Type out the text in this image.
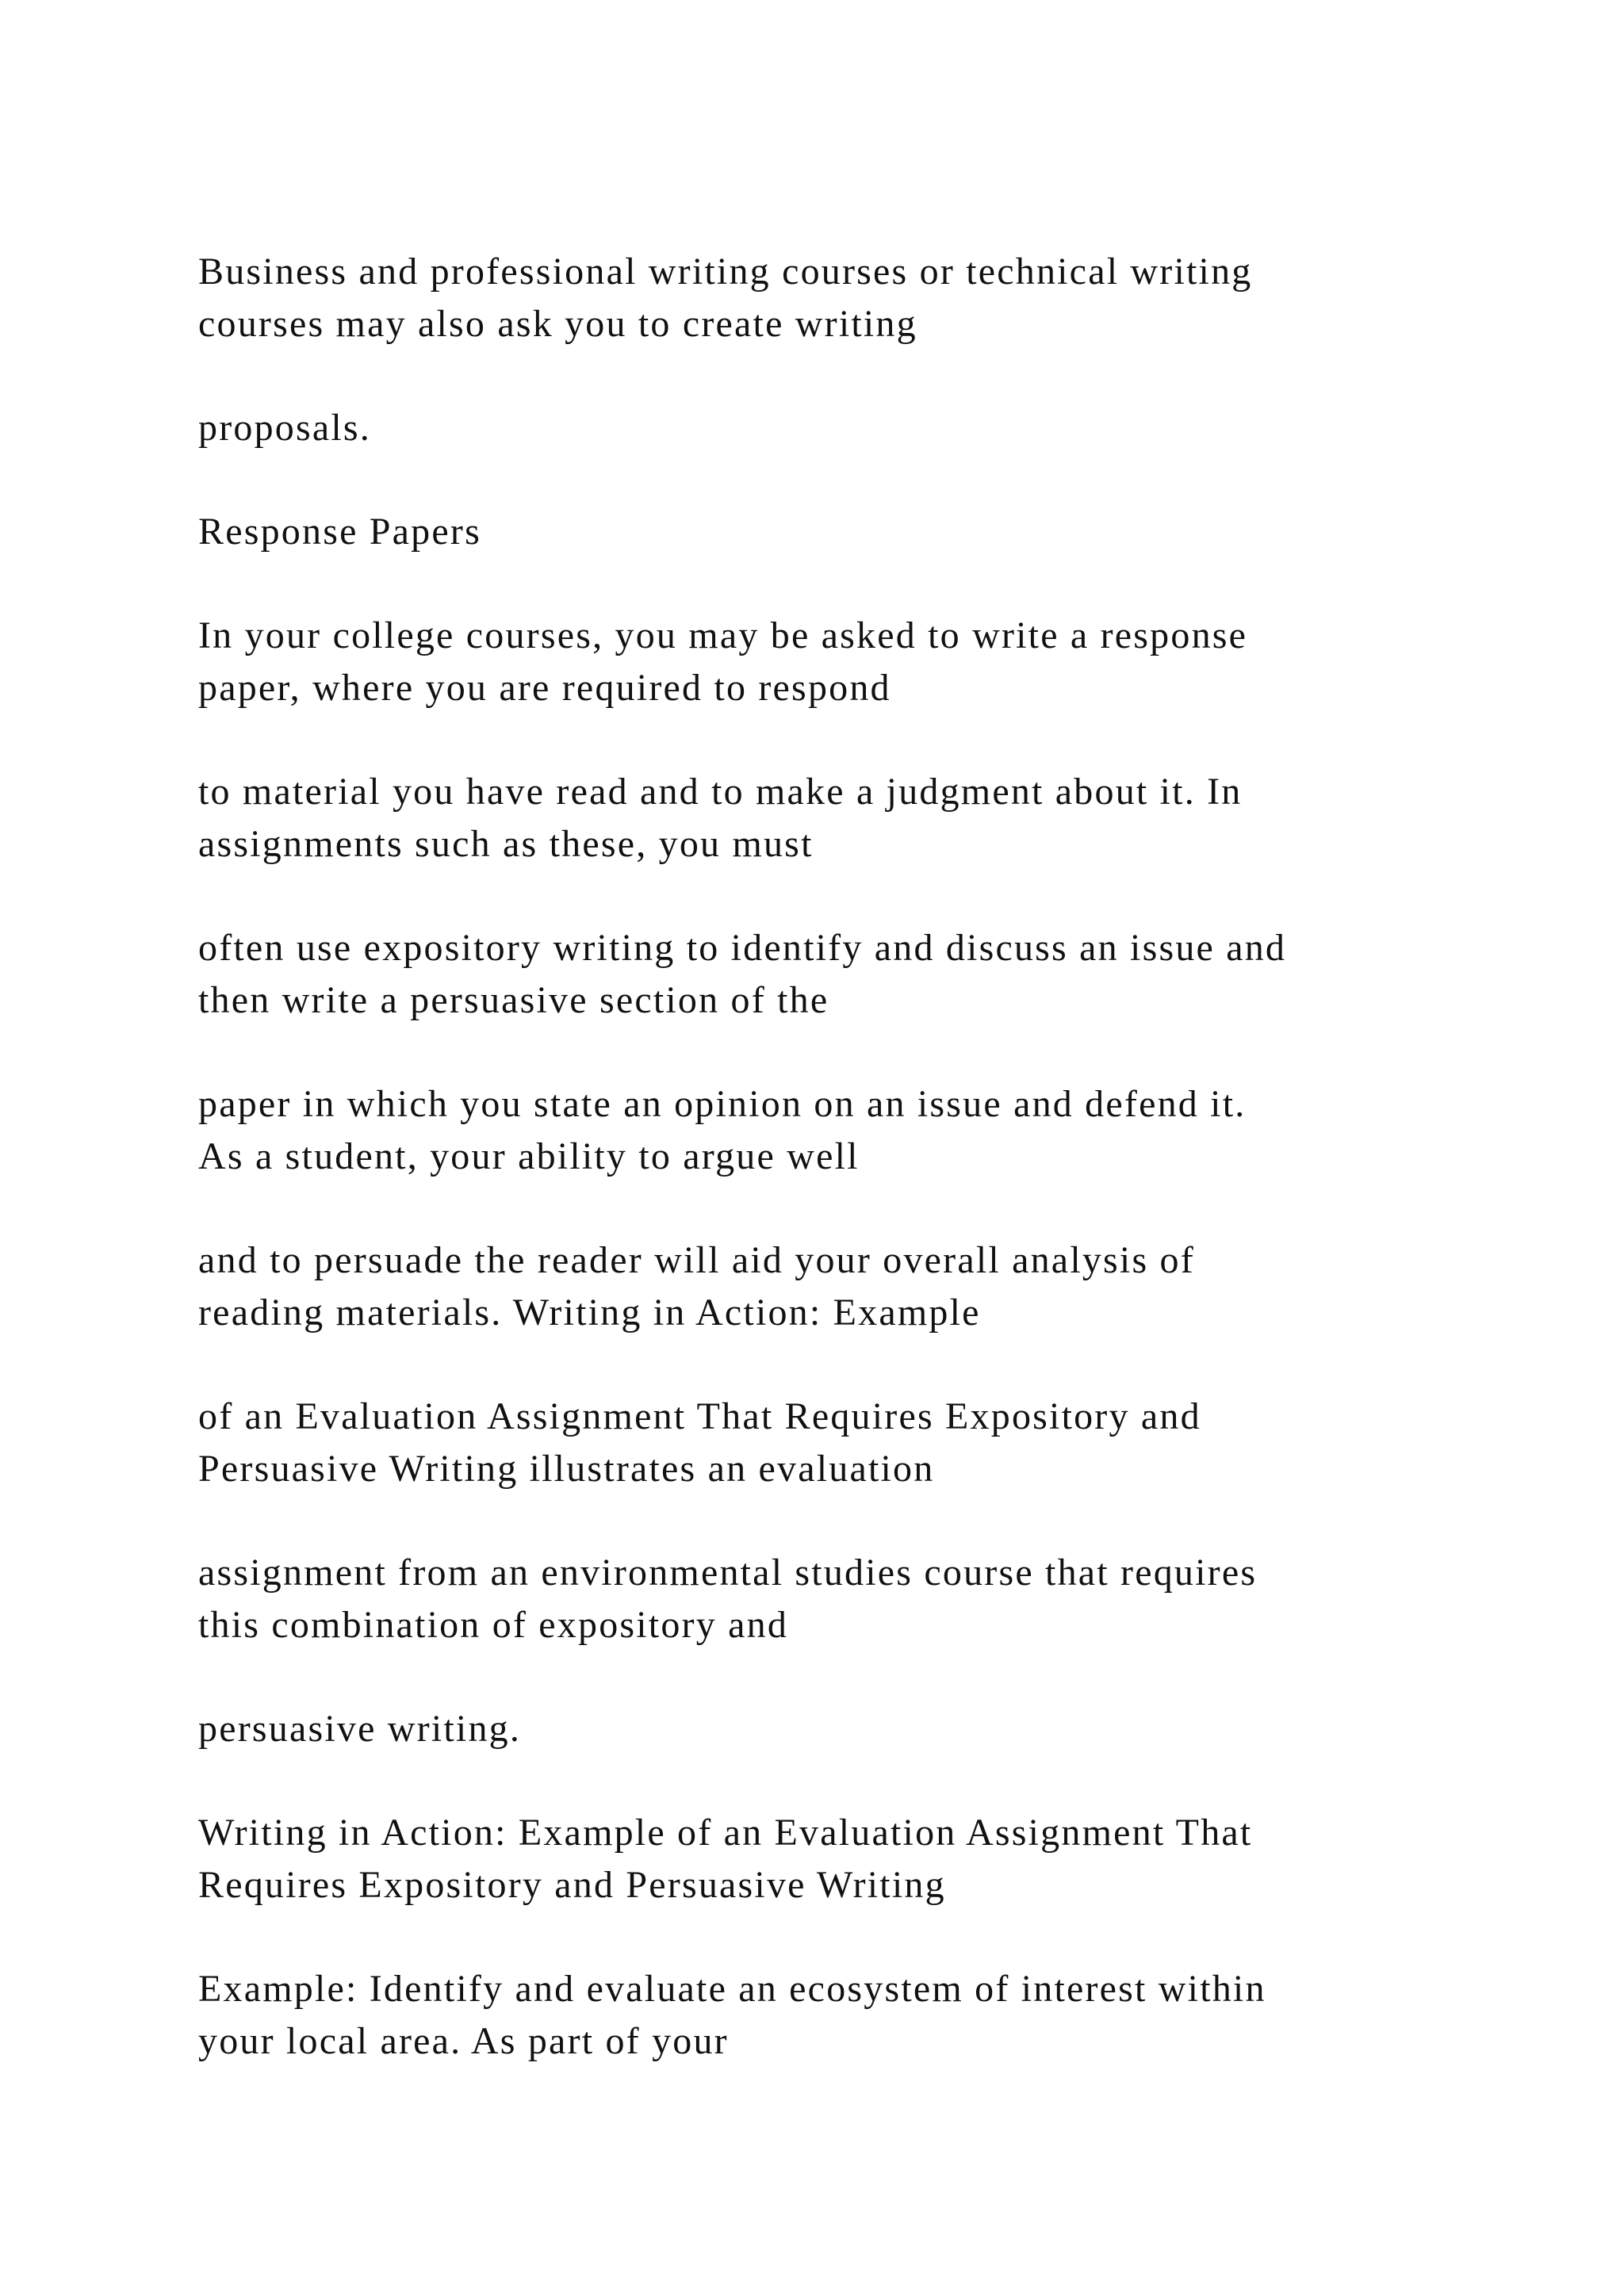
Business and professional writing courses or technical writing
courses may also ask you to create writing

proposals.

Response Papers

In your college courses, you may be asked to write a response
paper, where you are required to respond

to material you have read and to make a judgment about it. In
assignments such as these, you must

often use expository writing to identify and discuss an issue and
then write a persuasive section of the

paper in which you state an opinion on an issue and defend it.
As a student, your ability to argue well

and to persuade the reader will aid your overall analysis of
reading materials. Writing in Action: Example

of an Evaluation Assignment That Requires Expository and
Persuasive Writing illustrates an evaluation

assignment from an environmental studies course that requires
this combination of expository and

persuasive writing.

Writing in Action: Example of an Evaluation Assignment That
Requires Expository and Persuasive Writing

Example: Identify and evaluate an ecosystem of interest within
your local area. As part of your
